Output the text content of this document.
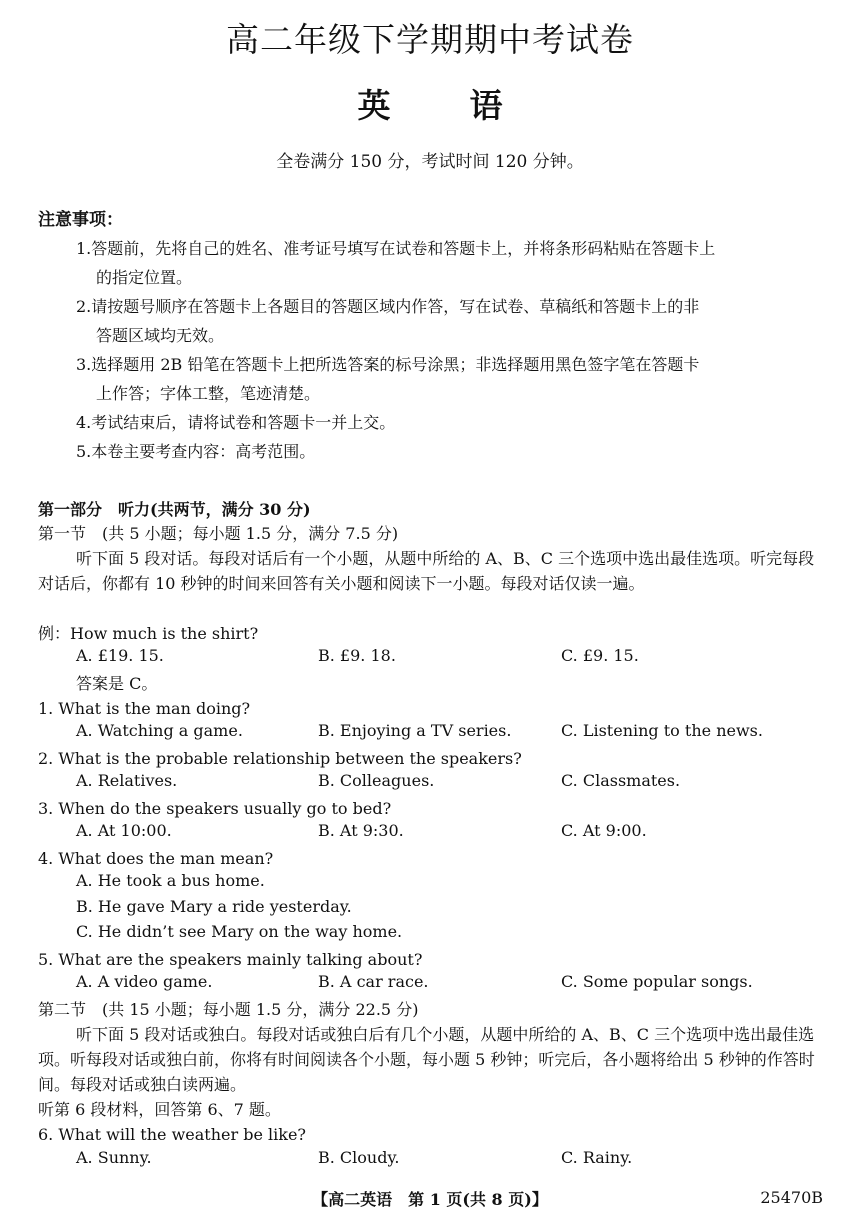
高二年级下学期期中考试卷
英 语
全卷满分 150 分，考试时间 120 分钟。
注意事项：
1.答题前，先将自己的姓名、准考证号填写在试卷和答题卡上，并将条形码粘贴在答题卡上
的指定位置。
2.请按题号顺序在答题卡上各题目的答题区域内作答，写在试卷、草稿纸和答题卡上的非
答题区域均无效。
3.选择题用 2B 铅笔在答题卡上把所选答案的标号涂黑；非选择题用黑色签字笔在答题卡
上作答；字体工整，笔迹清楚。
4.考试结束后，请将试卷和答题卡一并上交。
5.本卷主要考查内容：高考范围。
第一部分　听力(共两节，满分 30 分)
第一节　(共 5 小题；每小题 1.5 分，满分 7.5 分)
听下面 5 段对话。每段对话后有一个小题，从题中所给的 A、B、C 三个选项中选出最佳选项。听完每段对话后，你都有 10 秒钟的时间来回答有关小题和阅读下一小题。每段对话仅读一遍。
例：How much is the shirt?
A. £19. 15.	B. £9. 18.	C. £9. 15.
答案是 C。
1. What is the man doing?
A. Watching a game.	B. Enjoying a TV series.	C. Listening to the news.
2. What is the probable relationship between the speakers?
A. Relatives.	B. Colleagues.	C. Classmates.
3. When do the speakers usually go to bed?
A. At 10:00.	B. At 9:30.	C. At 9:00.
4. What does the man mean?
A. He took a bus home.
B. He gave Mary a ride yesterday.
C. He didn’t see Mary on the way home.
5. What are the speakers mainly talking about?
A. A video game.	B. A car race.	C. Some popular songs.
第二节　(共 15 小题；每小题 1.5 分，满分 22.5 分)
听下面 5 段对话或独白。每段对话或独白后有几个小题，从题中所给的 A、B、C 三个选项中选出最佳选项。听每段对话或独白前，你将有时间阅读各个小题，每小题 5 秒钟；听完后，各小题将给出 5 秒钟的作答时间。每段对话或独白读两遍。
听第 6 段材料，回答第 6、7 题。
6. What will the weather be like?
A. Sunny.	B. Cloudy.	C. Rainy.
【高二英语　第 1 页(共 8 页)】	25470B
